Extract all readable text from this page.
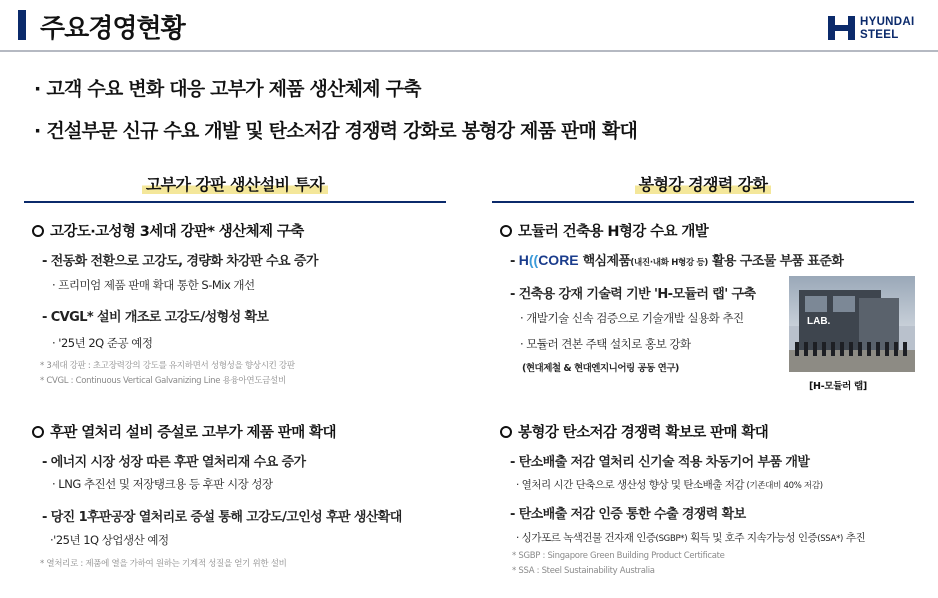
주요경영현황	HYUNDAI
STEEL
· 고객 수요 변화 대응 고부가 제품 생산체제 구축
· 건설부문 신규 수요 개발 및 탄소저감 경쟁력 강화로 봉형강 제품 판매 확대
고부가 강판 생산설비 투자
고강도·고성형 3세대 강판* 생산체제 구축
- 전동화 전환으로 고강도, 경량화 차강판 수요 증가
· 프리미엄 제품 판매 확대 통한 S-Mix 개선
- CVGL* 설비 개조로 고강도/성형성 확보
· '25년 2Q 준공 예정
* 3세대 강판 : 초고장력강의 강도를 유지하면서 성형성을 향상시킨 강판
* CVGL : Continuous Vertical Galvanizing Line 용융아연도금설비
후판 열처리 설비 증설로 고부가 제품 판매 확대
- 에너지 시장 성장 따른 후판 열처리재 수요 증가
· LNG 추진선 및 저장탱크용 등 후판 시장 성장
- 당진 1후판공장 열처리로 증설 통해 고강도/고인성 후판 생산확대
·'25년 1Q 상업생산 예정
* 열처리로 : 제품에 열을 가하여 원하는 기계적 성질을 얻기 위한 설비
봉형강 경쟁력 강화
모듈러 건축용 H형강 수요 개발
- H((CORE 핵심제품(내진·내화 H형강 등) 활용 구조물 부품 표준화
- 건축용 강재 기술력 기반 'H-모듈러 랩' 구축
· 개발기술 신속 검증으로 기술개발 실용화 추진
· 모듈러 견본 주택 설치로 홍보 강화
(현대제철 & 현대엔지니어링 공동 연구)
LAB.
[H-모듈러 랩]
봉형강 탄소저감 경쟁력 확보로 판매 확대
- 탄소배출 저감 열처리 신기술 적용 차동기어 부품 개발
· 열처리 시간 단축으로 생산성 향상 및 탄소배출 저감 (기존대비 40% 저감)
- 탄소배출 저감 인증 통한 수출 경쟁력 확보
· 싱가포르 녹색건물 건자재 인증(SGBP*) 획득 및 호주 지속가능성 인증(SSA*) 추진
* SGBP : Singapore Green Building Product Certificate
* SSA : Steel Sustainability Australia
